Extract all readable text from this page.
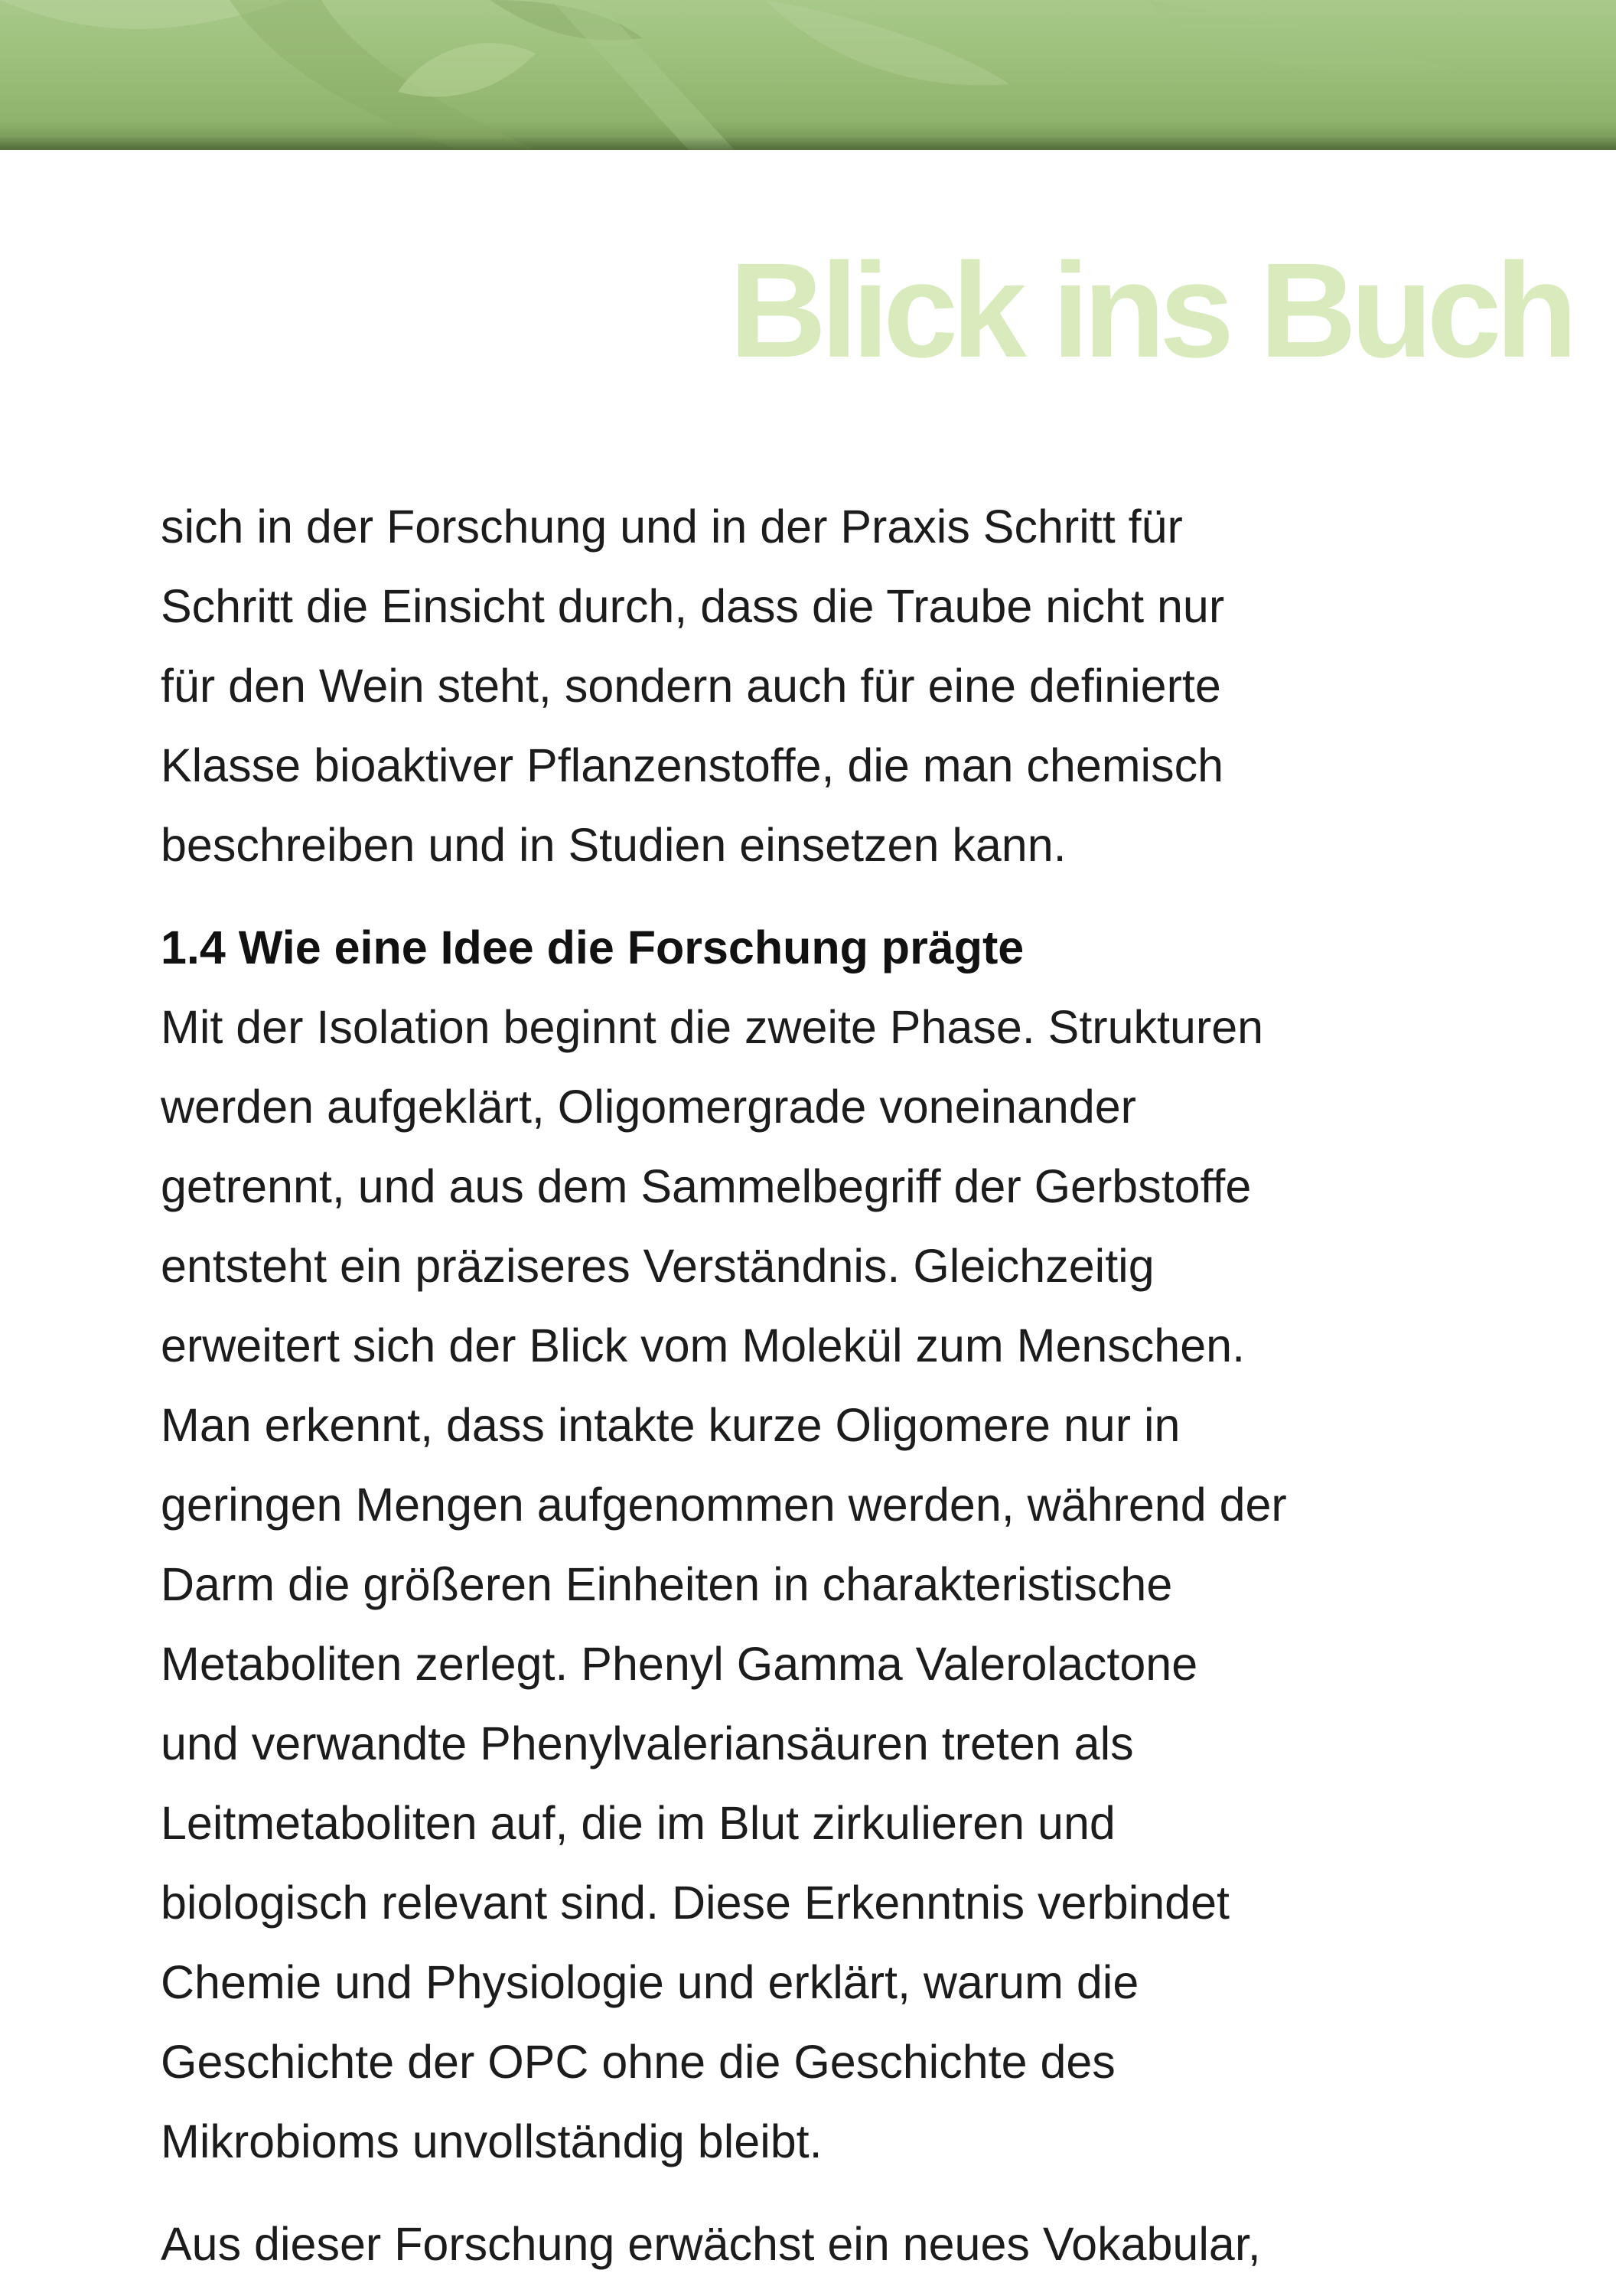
Blick ins Buch

sich in der Forschung und in der Praxis Schritt für
Schritt die Einsicht durch, dass die Traube nicht nur
für den Wein steht, sondern auch für eine definierte
Klasse bioaktiver Pflanzenstoffe, die man chemisch
beschreiben und in Studien einsetzen kann.

1.4 Wie eine Idee die Forschung prägte

Mit der Isolation beginnt die zweite Phase. Strukturen
werden aufgeklärt, Oligomergrade voneinander
getrennt, und aus dem Sammelbegriff der Gerbstoffe
entsteht ein präziseres Verständnis. Gleichzeitig
erweitert sich der Blick vom Molekül zum Menschen.
Man erkennt, dass intakte kurze Oligomere nur in
geringen Mengen aufgenommen werden, während der
Darm die größeren Einheiten in charakteristische
Metaboliten zerlegt. Phenyl Gamma Valerolactone
und verwandte Phenylvaleriansäuren treten als
Leitmetaboliten auf, die im Blut zirkulieren und
biologisch relevant sind. Diese Erkenntnis verbindet
Chemie und Physiologie und erklärt, warum die
Geschichte der OPC ohne die Geschichte des
Mikrobioms unvollständig bleibt.

Aus dieser Forschung erwächst ein neues Vokabular,
